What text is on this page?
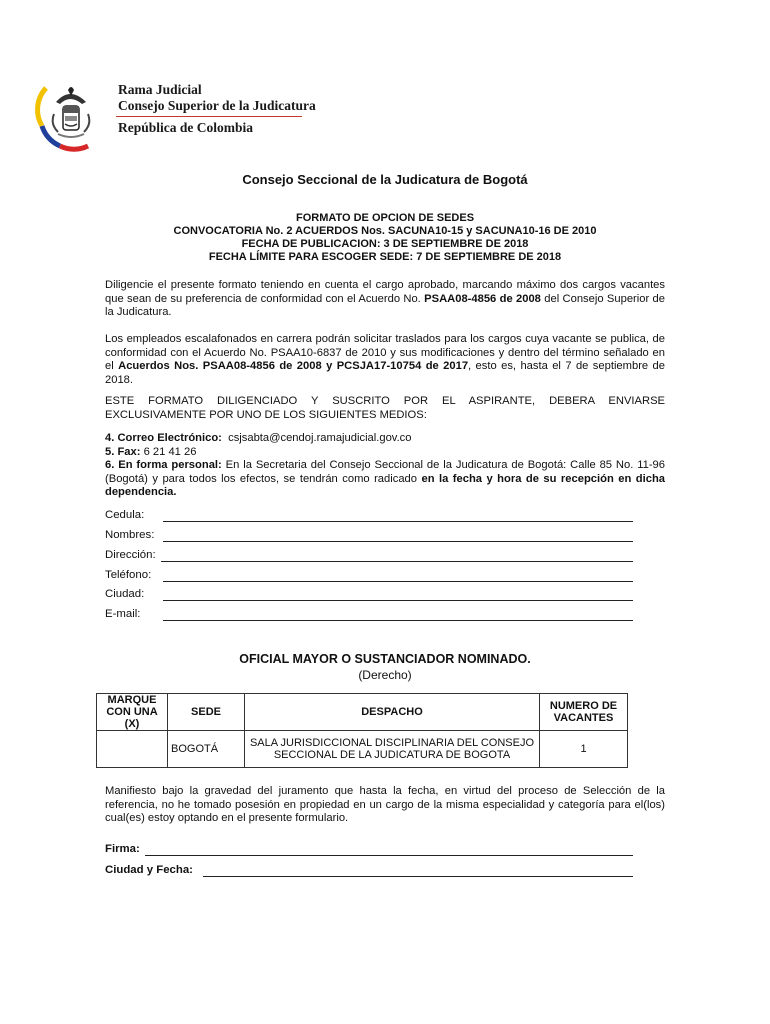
Rama Judicial
Consejo Superior de la Judicatura
República de Colombia
Consejo Seccional de la Judicatura de Bogotá
FORMATO DE OPCION DE SEDES
CONVOCATORIA No. 2 ACUERDOS Nos. SACUNA10-15 y SACUNA10-16 DE 2010
FECHA DE PUBLICACION: 3 DE SEPTIEMBRE DE 2018
FECHA LÍMITE PARA ESCOGER SEDE: 7 DE SEPTIEMBRE DE 2018
Diligencie el presente formato teniendo en cuenta el cargo aprobado, marcando máximo dos cargos vacantes que sean de su preferencia de conformidad con el Acuerdo No. PSAA08-4856 de 2008 del Consejo Superior de la Judicatura.
Los empleados escalafonados en carrera podrán solicitar traslados para los cargos cuya vacante se publica, de conformidad con el Acuerdo No. PSAA10-6837 de 2010 y sus modificaciones y dentro del término señalado en el Acuerdos Nos. PSAA08-4856 de 2008 y PCSJA17-10754 de 2017, esto es, hasta el 7 de septiembre de 2018.
ESTE FORMATO DILIGENCIADO Y SUSCRITO POR EL ASPIRANTE, DEBERA ENVIARSE EXCLUSIVAMENTE POR UNO DE LOS SIGUIENTES MEDIOS:
4. Correo Electrónico: csjsabta@cendoj.ramajudicial.gov.co
5. Fax: 6 21 41 26
6. En forma personal: En la Secretaria del Consejo Seccional de la Judicatura de Bogotá: Calle 85 No. 11-96 (Bogotá) y para todos los efectos, se tendrán como radicado en la fecha y hora de su recepción en dicha dependencia.
Cedula:
Nombres:
Dirección:
Teléfono:
Ciudad:
E-mail:
OFICIAL MAYOR O SUSTANCIADOR NOMINADO.
(Derecho)
MARQUE CON UNA (X)	SEDE	DESPACHO	NUMERO DE VACANTES
	BOGOTÁ	SALA JURISDICCIONAL DISCIPLINARIA DEL CONSEJO SECCIONAL DE LA JUDICATURA DE BOGOTA	1
Manifiesto bajo la gravedad del juramento que hasta la fecha, en virtud del proceso de Selección de la referencia, no he tomado posesión en propiedad en un cargo de la misma especialidad y categoría para el(los) cual(es) estoy optando en el presente formulario.
Firma:
Ciudad y Fecha:
